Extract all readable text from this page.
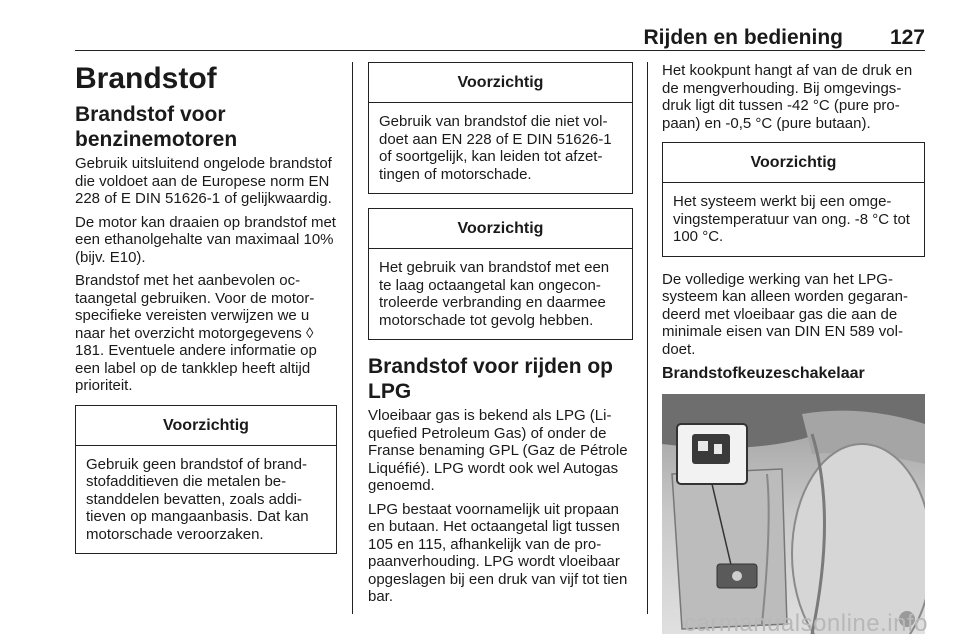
Rijden en bediening 127
Brandstof
Brandstof voor benzinemotoren

Gebruik uitsluitend ongelode brandstof die voldoet aan de Europese norm EN 228 of E DIN 51626-1 of gelijkwaardig.

De motor kan draaien op brandstof met een ethanolgehalte van maximaal 10% (bijv. E10).

Brandstof met het aanbevolen octaangetal gebruiken. Voor de motorspecifieke vereisten verwijzen we u naar het overzicht motorgegevens ◊ 181. Eventuele andere informatie op een label op de tankklep heeft altijd prioriteit.

Voorzichtig
Gebruik geen brandstof of brandstofadditieven die metalen bestanddelen bevatten, zoals additieven op mangaanbasis. Dat kan motorschade veroorzaken.
Voorzichtig
Gebruik van brandstof die niet voldoet aan EN 228 of E DIN 51626-1 of soortgelijk, kan leiden tot afzettingen of motorschade.
Voorzichtig
Het gebruik van brandstof met een te laag octaangetal kan ongecontroleerde verbranding en daarmee motorschade tot gevolg hebben.
Brandstof voor rijden op LPG

Vloeibaar gas is bekend als LPG (Liquefied Petroleum Gas) of onder de Franse benaming GPL (Gaz de Pétrole Liquéfié). LPG wordt ook wel Autogas genoemd.

LPG bestaat voornamelijk uit propaan en butaan. Het octaangetal ligt tussen 105 en 115, afhankelijk van de propaanverhouding. LPG wordt vloeibaar opgeslagen bij een druk van vijf tot tien bar.

Het kookpunt hangt af van de druk en de mengverhouding. Bij omgevingsdruk ligt dit tussen -42 °C (pure propaan) en -0,5 °C (pure butaan).

Voorzichtig
Het systeem werkt bij een omgevingstemperatuur van ong. -8 °C tot 100 °C.

De volledige werking van het LPG-systeem kan alleen worden gegarandeerd met vloeibaar gas die aan de minimale eisen van DIN EN 589 voldoet.

Brandstofkeuzeschakelaar
carmanualsonline.info
